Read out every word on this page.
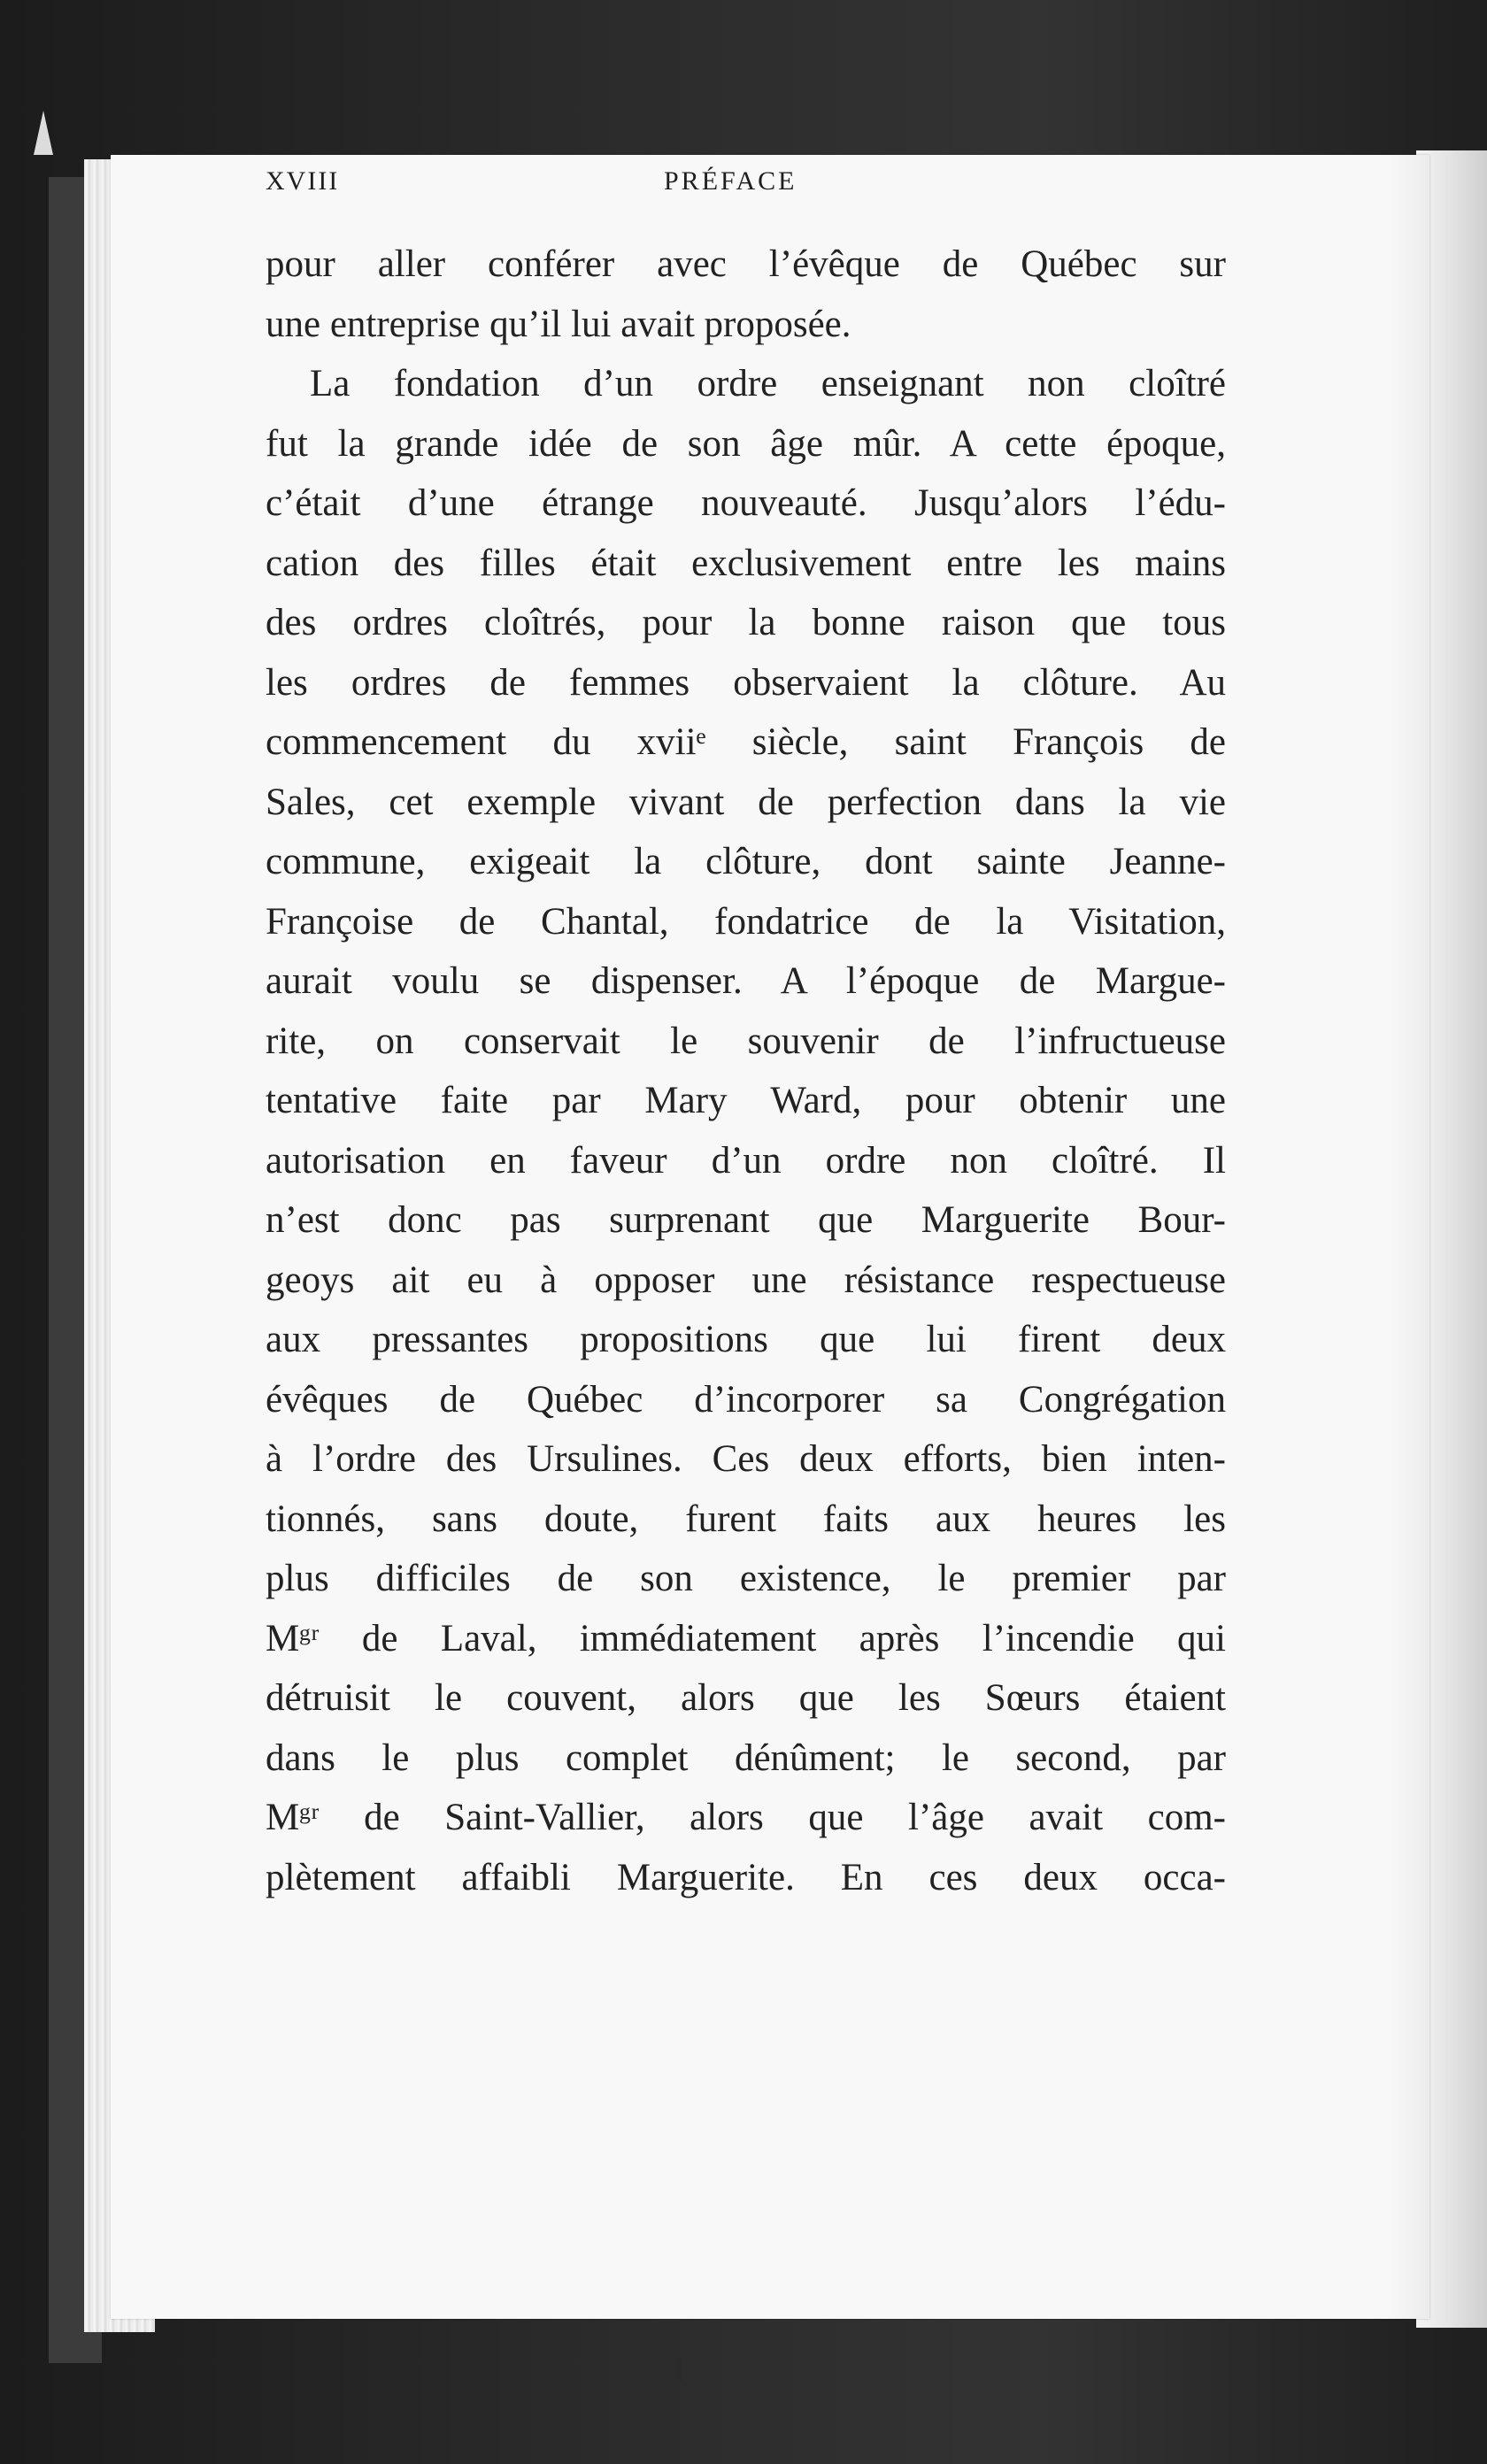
XVIII	PRÉFACE
pour aller conférer avec l’évêque de Québec sur
une entreprise qu’il lui avait proposée.
La fondation d’un ordre enseignant non cloîtré
fut la grande idée de son âge mûr. A cette époque,
c’était d’une étrange nouveauté. Jusqu’alors l’édu-
cation des filles était exclusivement entre les mains
des ordres cloîtrés, pour la bonne raison que tous
les ordres de femmes observaient la clôture. Au
commencement du xviiᵉ siècle, saint François de
Sales, cet exemple vivant de perfection dans la vie
commune, exigeait la clôture, dont sainte Jeanne-
Françoise de Chantal, fondatrice de la Visitation,
aurait voulu se dispenser. A l’époque de Margue-
rite, on conservait le souvenir de l’infructueuse
tentative faite par Mary Ward, pour obtenir une
autorisation en faveur d’un ordre non cloîtré. Il
n’est donc pas surprenant que Marguerite Bour-
geoys ait eu à opposer une résistance respectueuse
aux pressantes propositions que lui firent deux
évêques de Québec d’incorporer sa Congrégation
à l’ordre des Ursulines. Ces deux efforts, bien inten-
tionnés, sans doute, furent faits aux heures les
plus difficiles de son existence, le premier par
Mᵍʳ de Laval, immédiatement après l’incendie qui
détruisit le couvent, alors que les Sœurs étaient
dans le plus complet dénûment; le second, par
Mᵍʳ de Saint-Vallier, alors que l’âge avait com-
plètement affaibli Marguerite. En ces deux occa-
